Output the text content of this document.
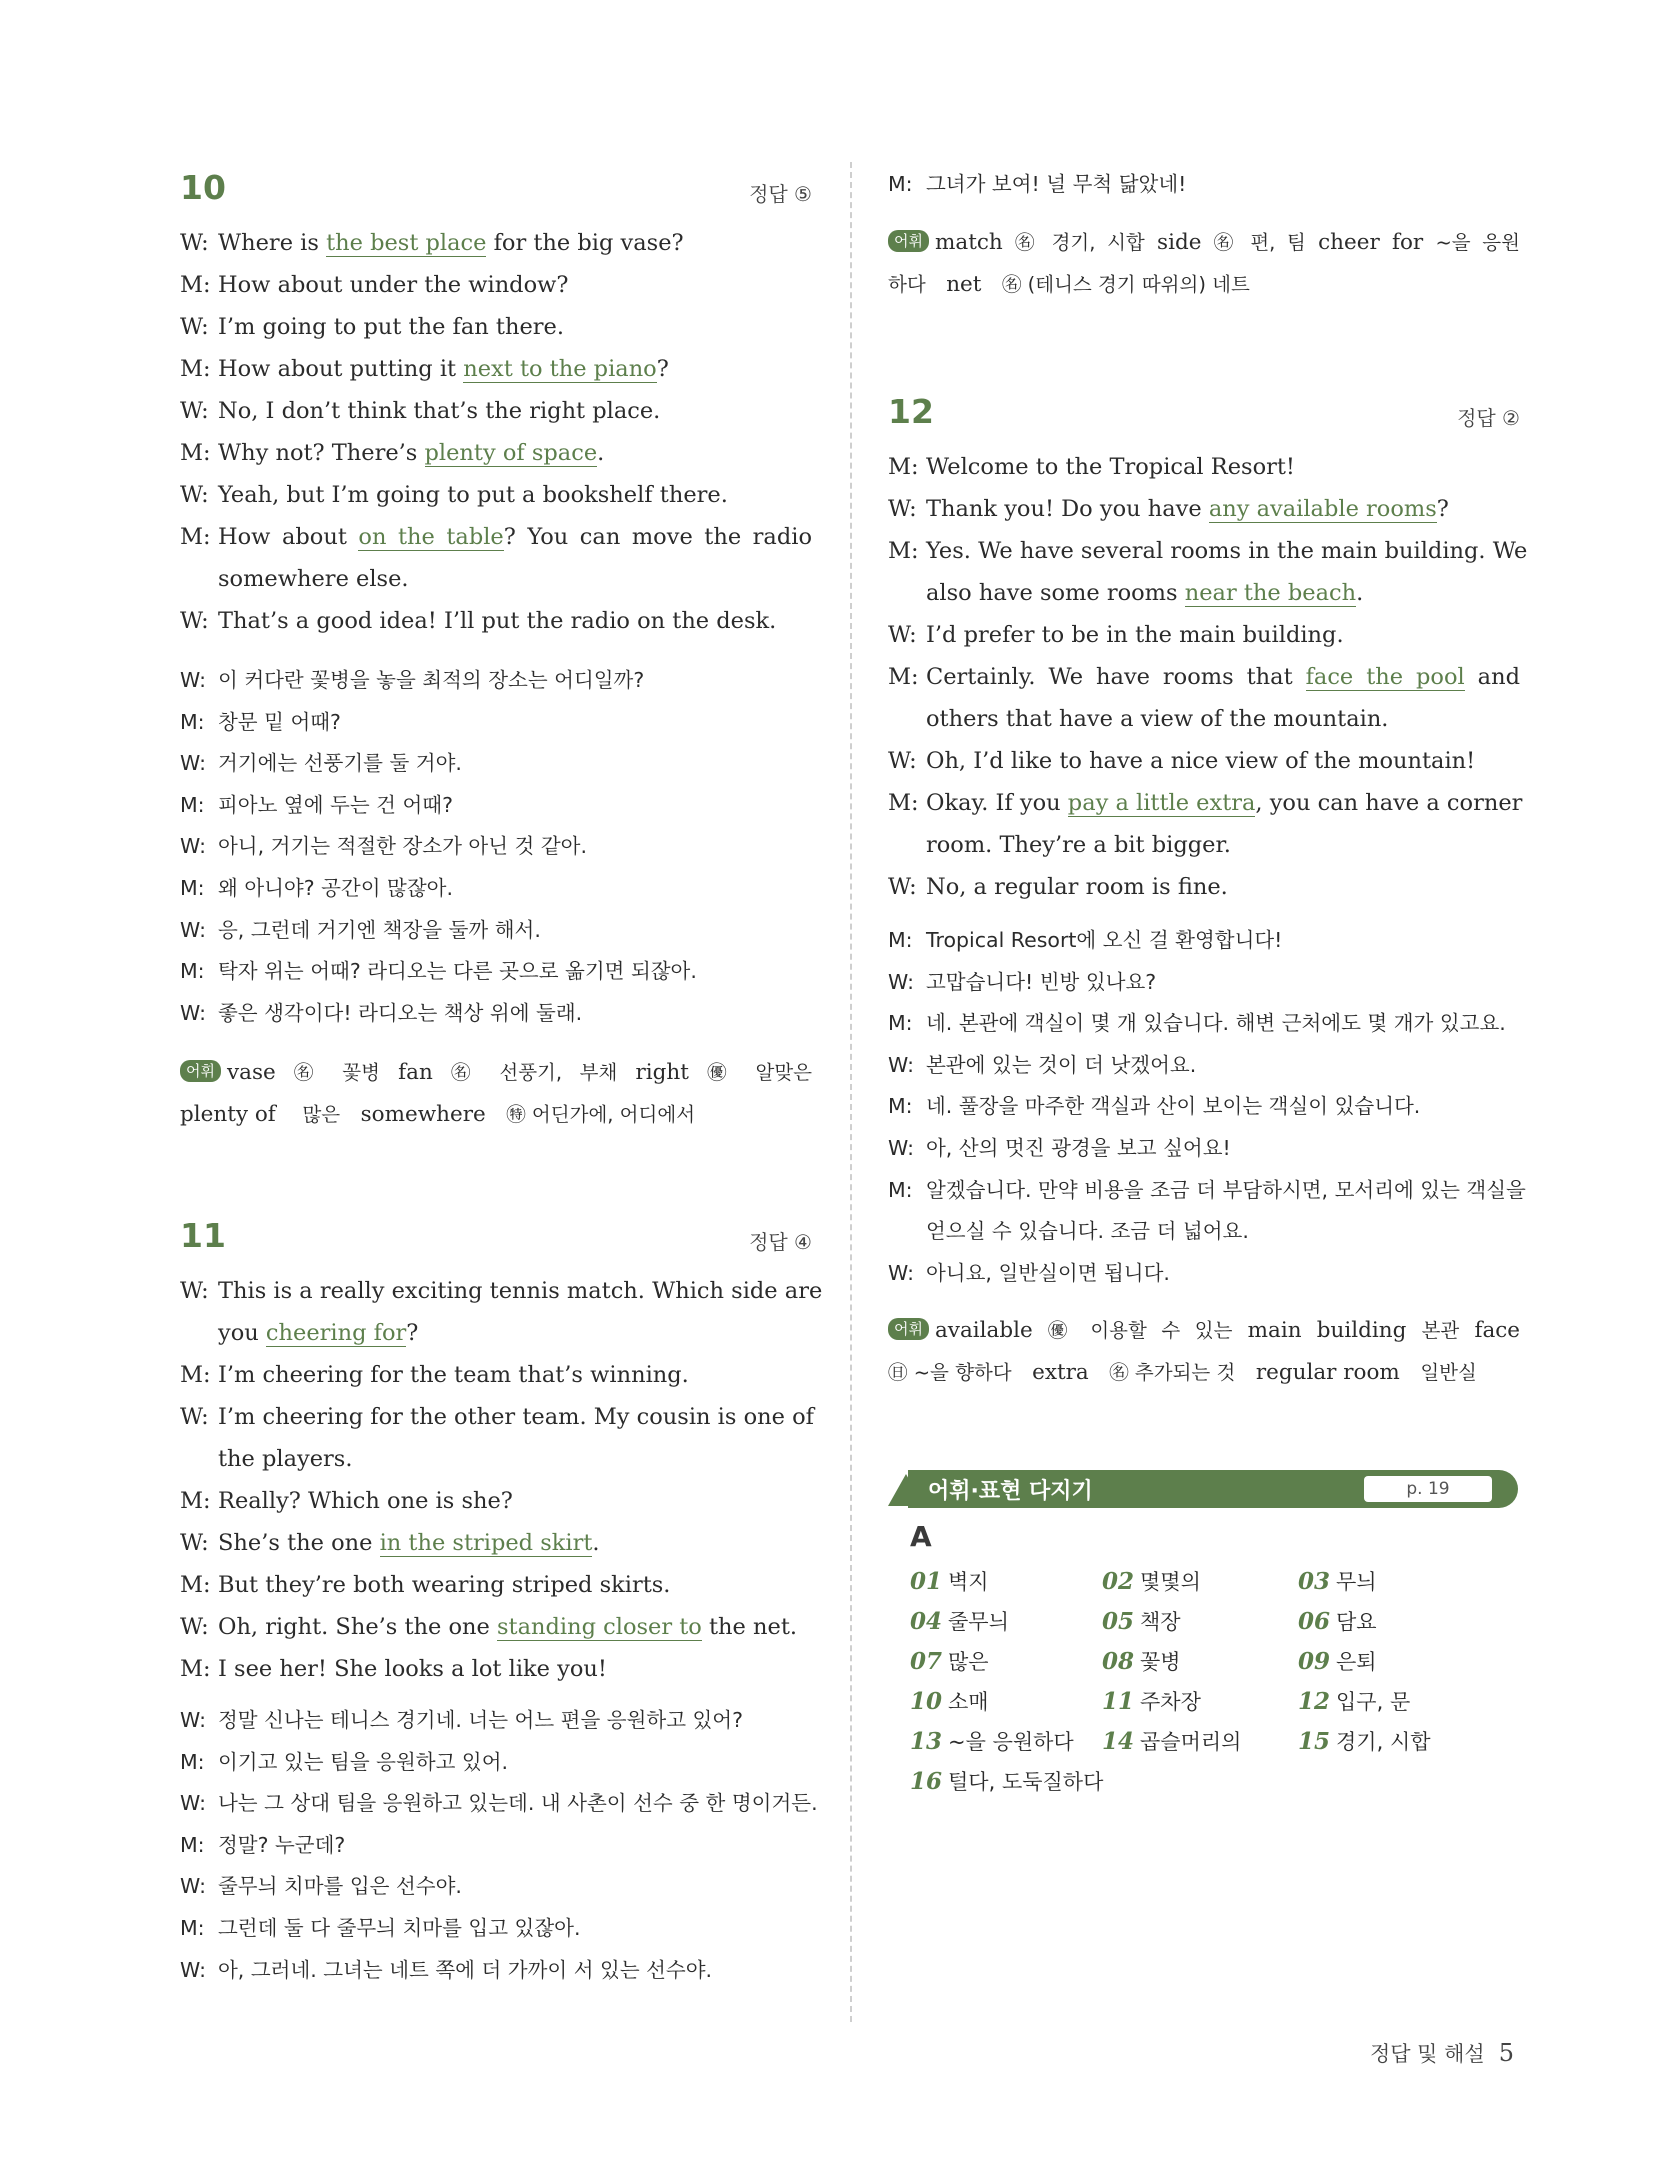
10	정답 ⑤
W: Where is the best place for the big vase?
M: How about under the window?
W: I’m going to put the fan there.
M: How about putting it next to the piano?
W: No, I don’t think that’s the right place.
M: Why not? There’s plenty of space.
W: Yeah, but I’m going to put a bookshelf there.
M: How about on the table? You can move the radio
somewhere else.
W: That’s a good idea! I’ll put the radio on the desk.
W: 이 커다란 꽃병을 놓을 최적의 장소는 어디일까?
M: 창문 밑 어때?
W: 거기에는 선풍기를 둘 거야.
M: 피아노 옆에 두는 건 어때?
W: 아니, 거기는 적절한 장소가 아닌 것 같아.
M: 왜 아니야? 공간이 많잖아.
W: 응, 그런데 거기엔 책장을 둘까 해서.
M: 탁자 위는 어때? 라디오는 다른 곳으로 옮기면 되잖아.
W: 좋은 생각이다! 라디오는 책상 위에 둘래.
어휘 vase ㊔ 꽃병 fan ㊔ 선풍기, 부채 right ㊝ 알맞은
plenty of    많은 somewhere ㊕ 어딘가에, 어디에서
11	정답 ④
W: This is a really exciting tennis match. Which side are
you cheering for?
M: I’m cheering for the team that’s winning.
W: I’m cheering for the other team. My cousin is one of
the players.
M: Really? Which one is she?
W: She’s the one in the striped skirt.
M: But they’re both wearing striped skirts.
W: Oh, right. She’s the one standing closer to the net.
M: I see her! She looks a lot like you!
W: 정말 신나는 테니스 경기네. 너는 어느 편을 응원하고 있어?
M: 이기고 있는 팀을 응원하고 있어.
W: 나는 그 상대 팀을 응원하고 있는데. 내 사촌이 선수 중 한 명이거든.
M: 정말? 누군데?
W: 줄무늬 치마를 입은 선수야.
M: 그런데 둘 다 줄무늬 치마를 입고 있잖아.
W: 아, 그러네. 그녀는 네트 쪽에 더 가까이 서 있는 선수야.
M: 그녀가 보여! 널 무척 닮았네!
어휘 match ㊔ 경기, 시합 side ㊔ 편, 팀 cheer for ~을 응원
하다 net ㊔ (테니스 경기 따위의) 네트
12	정답 ②
M: Welcome to the Tropical Resort!
W: Thank you! Do you have any available rooms?
M: Yes. We have several rooms in the main building. We
also have some rooms near the beach.
W: I’d prefer to be in the main building.
M: Certainly. We have rooms that face the pool and
others that have a view of the mountain.
W: Oh, I’d like to have a nice view of the mountain!
M: Okay. If you pay a little extra, you can have a corner
room. They’re a bit bigger.
W: No, a regular room is fine.
M: Tropical Resort에 오신 걸 환영합니다!
W: 고맙습니다! 빈방 있나요?
M: 네. 본관에 객실이 몇 개 있습니다. 해변 근처에도 몇 개가 있고요.
W: 본관에 있는 것이 더 낫겠어요.
M: 네. 풀장을 마주한 객실과 산이 보이는 객실이 있습니다.
W: 아, 산의 멋진 광경을 보고 싶어요!
M: 알겠습니다. 만약 비용을 조금 더 부담하시면, 모서리에 있는 객실을
얻으실 수 있습니다. 조금 더 넓어요.
W: 아니요, 일반실이면 됩니다.
어휘 available ㊝ 이용할 수 있는 main building 본관 face
㊐ ~을 향하다 extra ㊔ 추가되는 것 regular room 일반실
어휘·표현 다지기	p. 19
A
01 벽지	02 몇몇의	03 무늬
04 줄무늬	05 책장	06 담요
07 많은	08 꽃병	09 은퇴
10 소매	11 주차장	12 입구, 문
13 ~을 응원하다 14 곱슬머리의 15 경기, 시합
16 털다, 도둑질하다
정답 및 해설 5
